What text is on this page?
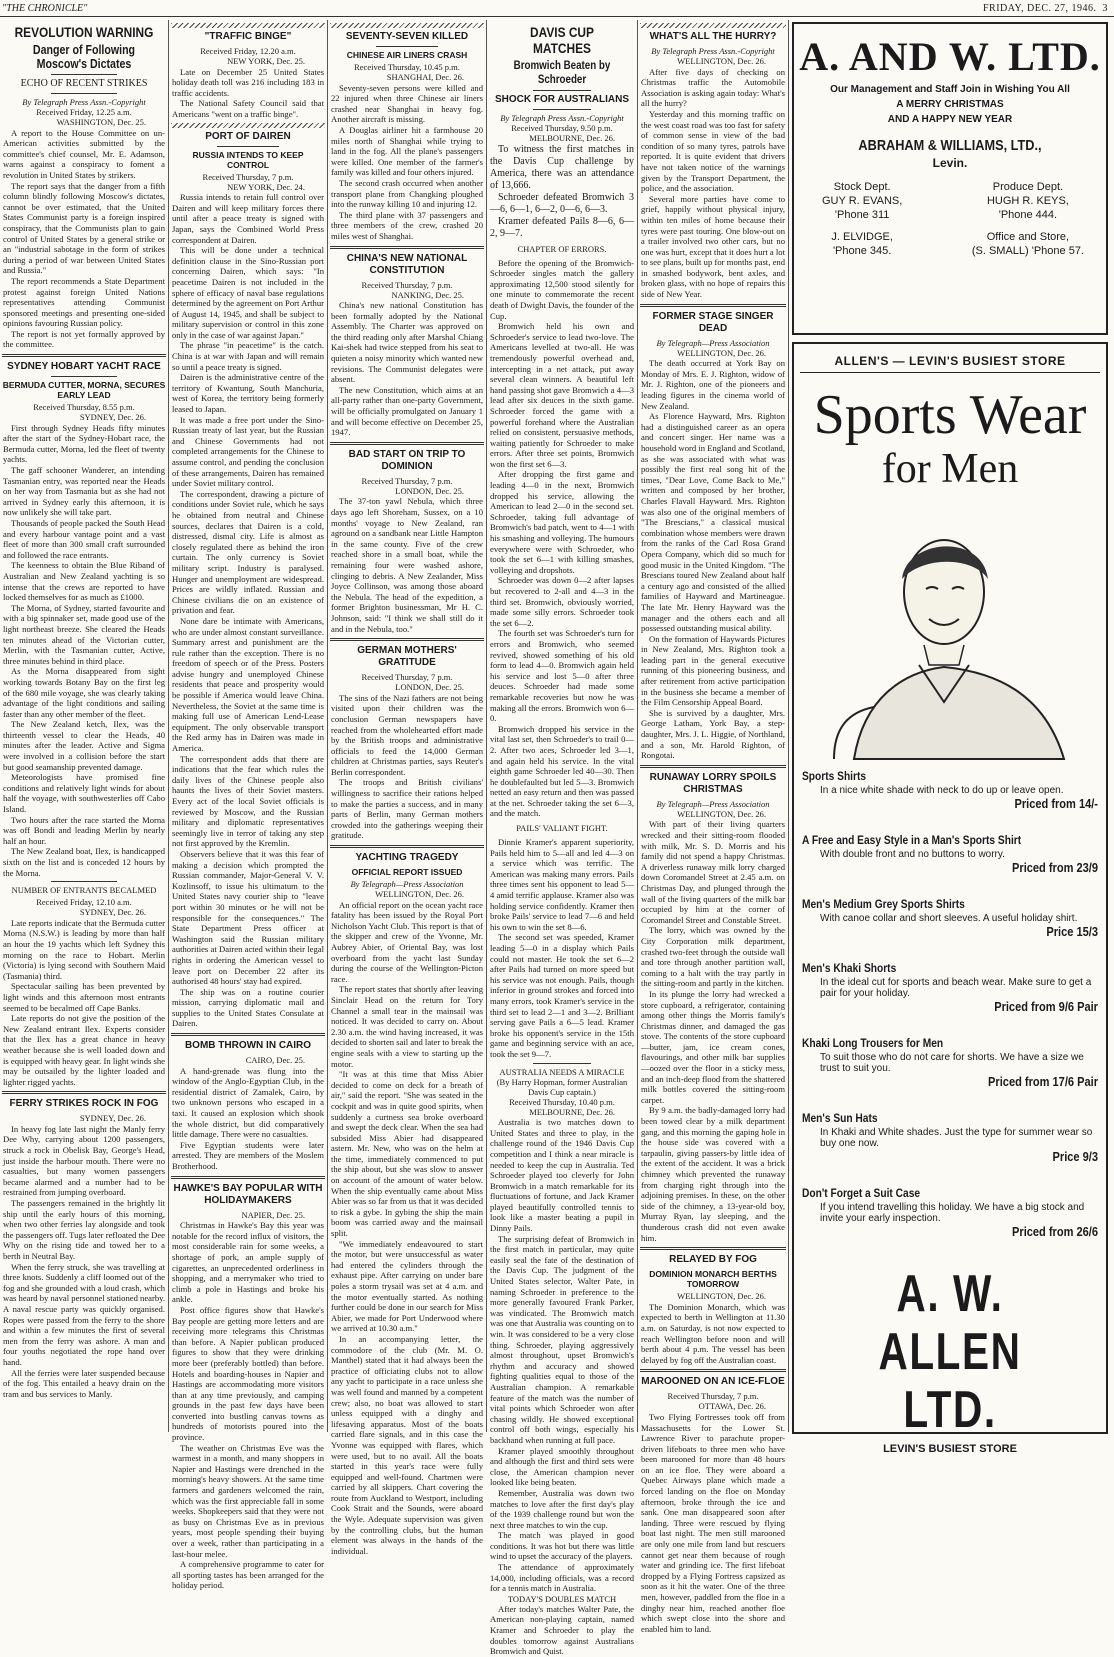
"THE CHRONICLE"	FRIDAY, DEC. 27, 1946. 3
REVOLUTION WARNING
Danger of Following Moscow's Dictates
ECHO OF RECENT STRIKES
By Telegraph Press Assn.-Copyright
Received Friday, 12.25 a.m.
WASHINGTON, Dec. 25.

A report to the House Committee on un-American activities submitted by the committee's chief counsel, Mr. E. Adamson, warns against a conspiracy to foment a revolution in United States by strikers.

The report says that the danger from a fifth column blindly following Moscow's dictates, cannot be over estimated, that the United States Communist party is a foreign inspired conspiracy, that the Communists plan to gain control of United States by a general strike or an "industrial sabotage in the form of strikes during a period of war between United States and Russia."

The report recommends a State Department protest against foreign United Nations representatives attending Communist sponsored meetings and presenting one-sided opinions favouring Russian policy.

The report is not yet formally approved by the committee.

SYDNEY HOBART YACHT RACE
BERMUDA CUTTER, MORNA, SECURES EARLY LEAD
Received Thursday, 8.55 p.m.
SYDNEY, Dec. 26.

First through Sydney Heads fifty minutes after the start of the Sydney-Hobart race, the Bermuda cutter, Morna, led the fleet of twenty yachts.

The gaff schooner Wanderer, an intending Tasmanian entry, was reported near the Heads on her way from Tasmania but as she had not arrived in Sydney early this afternoon, it is now unlikely she will take part.

Thousands of people packed the South Head and every harbour vantage point and a vast fleet of more than 300 small craft surrounded and followed the race entrants.

The keenness to obtain the Blue Riband of Australian and New Zealand yachting is so intense that the crews are reported to have locked themselves for as much as £1000.

The Morna, of Sydney, started favourite and with a big spinnaker set, made good use of the light northeast breeze. She cleared the Heads ten minutes ahead of the Victorian cutter, Merlin, with the Tasmanian cutter, Active, three minutes behind in third place.

As the Morna disappeared from sight working towards Botany Bay on the first leg of the 680 mile voyage, she was clearly taking advantage of the light conditions and sailing faster than any other member of the fleet.

The New Zealand ketch, Ilex, was the thirteenth vessel to clear the Heads, 40 minutes after the leader. Active and Sigma were involved in a collision before the start but good seamanship prevented damage.

Meteorologists have promised fine conditions and relatively light winds for about half the voyage, with southwesterlies off Cabo Island.

Two hours after the race started the Morna was off Bondi and leading Merlin by nearly half an hour.

The New Zealand boat, Ilex, is handicapped sixth on the list and is conceded 12 hours by the Morna.

NUMBER OF ENTRANTS BECALMED
Received Friday, 12.10 a.m.
SYDNEY, Dec. 26.

Late reports indicate that the Bermuda cutter Morna (N.S.W.) is leading by more than half an hour the 19 yachts which left Sydney this morning on the race to Hobart. Merlin (Victoria) is lying second with Southern Maid (Tasmania) third.

Spectacular sailing has been prevented by light winds and this afternoon most entrants seemed to be becalmed off Cape Banks.

Late reports do not give the position of the New Zealand entrant Ilex. Experts consider that the Ilex has a great chance in heavy weather because she is well loaded down and is equipped with heavy gear. In light winds she may be outsailed by the lighter loaded and lighter rigged yachts.

FERRY STRIKES ROCK IN FOG
SYDNEY, Dec. 26.

In heavy fog late last night the Manly ferry Dee Why, carrying about 1200 passengers, struck a rock in Obelisk Bay, George's Head, just inside the harbour mouth. There were no casualties, but many women passengers became alarmed and a number had to be restrained from jumping overboard.

The passengers remained in the brightly lit ship until the early hours of this morning, when two other ferries lay alongside and took the passengers off. Tugs later refloated the Dee Why on the rising tide and towed her to a berth in Neutral Bay.

When the ferry struck, she was travelling at three knots. Suddenly a cliff loomed out of the fog and she grounded with a loud crash, which was heard by naval personnel stationed nearby. A naval rescue party was quickly organised. Ropes were passed from the ferry to the shore and within a few minutes the first of several men from the ferry was ashore. A man and four youths negotiated the rope hand over hand.

All the ferries were later suspended because of the fog. This entailed a heavy drain on the tram and bus services to Manly.

"TRAFFIC BINGE"
Received Friday, 12.20 a.m.
NEW YORK, Dec. 25.

Late on December 25 United States holiday death toll was 216 including 183 in traffic accidents.

The National Safety Council said that Americans "went on a traffic binge".

PORT OF DAIREN
RUSSIA INTENDS TO KEEP CONTROL
Received Thursday, 7 p.m.
NEW YORK, Dec. 24.

Russia intends to retain full control over Dairen and will keep military forces there until after a peace treaty is signed with Japan, says the Combined World Press correspondent at Dairen.

This will be done under a technical definition clause in the Sino-Russian port concerning Dairen, which says: "In peacetime Dairen is not included in the sphere of efficacy of naval base regulations determined by the agreement on Port Arthur of August 14, 1945, and shall be subject to military supervision or control in this zone only in the case of war against Japan."

The phrase "in peacetime" is the catch. China is at war with Japan and will remain so until a peace treaty is signed.

Dairen is the administrative centre of the territory of Kwantung, South Manchuria, west of Korea, the territory being formerly leased to Japan.

It was made a free port under the Sino-Russian treaty of last year, but the Russian and Chinese Governments had not completed arrangements for the Chinese to assume control, and pending the conclusion of these arrangements, Dairen has remained under Soviet military control.

The correspondent, drawing a picture of conditions under Soviet rule, which he says he obtained from neutral and Chinese sources, declares that Dairen is a cold, distressed, dismal city. Life is almost as closely regulated there as behind the iron curtain. The only currency is Soviet military script. Industry is paralysed. Hunger and unemployment are widespread. Prices are wildly inflated. Russian and Chinese civilians die on an existence of privation and fear.

None dare be intimate with Americans, who are under almost constant surveillance. Summary arrest and punishment are the rule rather than the exception. There is no freedom of speech or of the Press. Posters advise hungry and unemployed Chinese residents that peace and prosperity would be possible if America would leave China. Nevertheless, the Soviet at the same time is making full use of American Lend-Lease equipment. The only observable transport the Red army has in Dairen was made in America.

The correspondent adds that there are indications that the fear which rules the daily lives of the Chinese people also haunts the lives of their Soviet masters. Every act of the local Soviet officials is reviewed by Moscow, and the Russian military and diplomatic representatives seemingly live in terror of taking any step not first approved by the Kremlin.

Observers believe that it was this fear of making a decision which prompted the Russian commander, Major-General V. V. Kozlinsoff, to issue his ultimatum to the United States navy courier ship to "leave port within 30 minutes or he will not be responsible for the consequences." The State Department Press officer at Washington said the Russian military authorities at Dairen acted within their legal rights in ordering the American vessel to leave port on December 22 after its authorised 48 hours' stay had expired.

The ship was on a routine courier mission, carrying diplomatic mail and supplies to the United States Consulate at Dairen.

BOMB THROWN IN CAIRO
CAIRO, Dec. 25.

A hand-grenade was flung into the window of the Anglo-Egyptian Club, in the residential district of Zamalek, Cairo, by two unknown persons who escaped in a taxi. It caused an explosion which shook the whole district, but did comparatively little damage. There were no casualties.

Five Egyptian students were later arrested. They are members of the Moslem Brotherhood.

HAWKE'S BAY POPULAR WITH HOLIDAYMAKERS
NAPIER, Dec. 25.

Christmas in Hawke's Bay this year was notable for the record influx of visitors, the most considerable rain for some weeks, a shortage of pork, an ample supply of cigarettes, an unprecedented orderliness in shopping, and a merrymaker who tried to climb a pole in Hastings and broke his ankle.

Post office figures show that Hawke's Bay people are getting more letters and are receiving more telegrams this Christmas than before. A Napier publican produced figures to show that they were drinking more beer (preferably bottled) than before. Hotels and boarding-houses in Napier and Hastings are accommodating more visitors than at any time previously, and camping grounds in the past few days have been converted into bustling canvas towns as hundreds of motorists poured into the province.

The weather on Christmas Eve was the warmest in a month, and many shoppers in Napier and Hastings were drenched in the morning's heavy showers. At the same time farmers and gardeners welcomed the rain, which was the first appreciable fall in some weeks. Shopkeepers said that they were not as busy on Christmas Eve as in previous years, most people spending their buying over a week, rather than participating in a last-hour melee.

A comprehensive programme to cater for all sporting tastes has been arranged for the holiday period.

SEVENTY-SEVEN KILLED
CHINESE AIR LINERS CRASH
Received Thursday, 10.45 p.m.
SHANGHAI, Dec. 26.

Seventy-seven persons were killed and 22 injured when three Chinese air liners crashed near Shanghai in heavy fog. Another aircraft is missing.

A Douglas airliner hit a farmhouse 20 miles north of Shanghai while trying to land in the fog. All the plane's passengers were killed. One member of the farmer's family was killed and four others injured.

The second crash occurred when another transport plane from Changking ploughed into the runway killing 10 and injuring 12.

The third plane with 37 passengers and three members of the crew, crashed 20 miles west of Shanghai.

CHINA'S NEW NATIONAL CONSTITUTION
Received Thursday, 7 p.m.
NANKING, Dec. 25.

China's new national Constitution has been formally adopted by the National Assembly. The Charter was approved on the third reading only after Marshal Chiang Kai-shek had twice stepped from his seat to quieten a noisy minority which wanted new revisions. The Communist delegates were absent.

The new Constitution, which aims at an all-party rather than one-party Government, will be officially promulgated on January 1 and will become effective on December 25, 1947.

BAD START ON TRIP TO DOMINION
Received Thursday, 7 p.m.
LONDON, Dec. 25.

The 37-ton yawl Nebula, which three days ago left Shoreham, Sussex, on a 10 months' voyage to New Zealand, ran aground on a sandbank near Little Hampton in the same county. Five of the crew reached shore in a small boat, while the remaining four were washed ashore, clinging to debris. A New Zealander, Miss Joyce Collinson, was among those aboard the Nebula. The head of the expedition, a former Brighton businessman, Mr H. C. Johnson, said: "I think we shall still do it and in the Nebula, too."

GERMAN MOTHERS' GRATITUDE
Received Thursday, 7 p.m.
LONDON, Dec. 25.

The sins of the Nazi fathers are not being visited upon their children was the conclusion German newspapers have reached from the wholehearted effort made by the British troops and administrative officials to feed the 14,000 German children at Christmas parties, says Reuter's Berlin correspondent.

The troops and British civilians' willingness to sacrifice their rations helped to make the parties a success, and in many parts of Berlin, many German mothers crowded into the gatherings weeping their gratitude.

YACHTING TRAGEDY
OFFICIAL REPORT ISSUED
By Telegraph—Press Association
WELLINGTON, Dec. 26.

An official report on the ocean yacht race fatality has been issued by the Royal Port Nicholson Yacht Club. This report is that of the skipper and crew of the Yvonne, Mr. Aubrey Abier, of Oriental Bay, was lost overboard from the yacht last Sunday during the course of the Wellington-Picton race.

The report states that shortly after leaving Sinclair Head on the return for Tory Channel a small tear in the mainsail was noticed. It was decided to carry on. About 2.30 a.m. the wind having increased, it was decided to shorten sail and later to break the engine seals with a view to starting up the motor.

"It was at this time that Miss Abier decided to come on deck for a breath of air," said the report. "She was seated in the cockpit and was in quite good spirits, when suddenly a curtness sea broke overboard and swept the deck clear. When the sea had subsided Miss Abier had disappeared astern. Mr. New, who was on the helm at the time, immediately commenced to put the ship about, but she was slow to answer on account of the amount of water below. When the ship eventually came about Miss Abier was so far from us that it was decided to risk a gybe. In gybing the ship the main boom was carried away and the mainsail split.

"We immediately endeavoured to start the motor, but were unsuccessful as water had entered the cylinders through the exhaust pipe. After carrying on under bare poles a storm trysail was set at 4 a.m. and the motor eventually started. As nothing further could be done in our search for Miss Abier, we made for Port Underwood where we arrived at 10.30 a.m."

In an accompanying letter, the commodore of the club (Mr. M. O. Manthel) stated that it had always been the practice of officiating clubs not to allow any yacht to participate in a race unless she was well found and manned by a competent crew; also, no boat was allowed to start unless equipped with a dinghy and lifesaving apparatus. Most of the boats carried flare signals, and in this case the Yvonne was equipped with flares, which were used, but to no avail. All the boats started in this year's race were fully equipped and well-found. Chartmen were carried by all skippers. Chart covering the route from Auckland to Westport, including Cook Strait and the Sounds, were aboard the Wyle. Adequate supervision was given by the controlling clubs, but the human element was always in the hands of the individual.

DAVIS CUP MATCHES
Bromwich Beaten by Schroeder
SHOCK FOR AUSTRALIANS
By Telegraph Press Assn.-Copyright
Received Thursday, 9.50 p.m.
MELBOURNE, Dec. 26.

To witness the first matches in the Davis Cup challenge by America, there was an attendance of 13,666.

Schroeder defeated Bromwich 3—6, 6—1, 6—2, 0—6, 6—3.

Kramer defeated Pails 8—6, 6—2, 9—7.

CHAPTER OF ERRORS.

Before the opening of the Bromwich-Schroeder singles match the gallery approximating 12,500 stood silently for one minute to commemorate the recent death of Dwight Davis, the founder of the Cup.

Bromwich held his own and Schroeder's service to lead two-love. The Americans levelled at two-all. He was tremendously powerful overhead and, intercepting in a net attack, put away several clean winners. A beautiful left hand passing shot gave Bromwich a 4—3 lead after six deuces in the sixth game. Schroeder forced the game with a powerful forehand where the Australian relied on consistent, persuasive methods, waiting patiently for Schroeder to make errors. After three set points, Bromwich won the first set 6—3.

After dropping the first game and leading 4—0 in the next, Bromwich dropped his service, allowing the American to lead 2—0 in the second set. Schroeder, taking full advantage of Bromwich's bad patch, went to 4—1 with his smashing and volleying. The humours everywhere were with Schroeder, who took the set 6—1 with killing smashes, volleying and dropshots.

Schroeder was down 0—2 after lapses but recovered to 2-all and 4—3 in the third set. Bromwich, obviously worried, made some silly errors. Schroeder took the set 6—2.

The fourth set was Schroeder's turn for errors and Bromwich, who seemed revived, showed something of his old form to lead 4—0. Bromwich again held his service and lost 5—0 after three deuces. Schroeder had made some remarkable recoveries but now he was making all the errors. Bromwich won 6—0.

Bromwich dropped his service in the vital last set, then Schroeder's to trail 0—2. After two aces, Schroeder led 3—1, and again held his service. In the vital eighth game Schroeder led 40—30. Then he doublefaulted but led 5—3. Bromwich netted an easy return and then was passed at the net. Schroeder taking the set 6—3, and the match.

PAILS' VALIANT FIGHT.

Dinnie Kramer's apparent superiority, Pails held him to 5—all and led 4—3 on a service which was terrific. The American was making many errors. Pails three times sent his opponent to lead 5—4 amid terrific applause. Kramer also was holding service confidently. Kramer then broke Pails' service to lead 7—6 and held his own to win the set 8—6.

The second set was speeded, Kramer leading 5—0 in a display which Pails could not master. He took the set 6—2 after Pails had turned on more speed but his service was not enough. Pails, though inferior in ground strokes and forced into many errors, took Kramer's service in the third set to lead 2—1 and 3—2. Brilliant serving gave Pails a 6—5 lead. Kramer broke his opponent's service in the 15th game and beginning service with an ace, took the set 9—7.

AUSTRALIA NEEDS A MIRACLE
(By Harry Hopman, former Australian Davis Cup captain.)
Received Thursday, 10.40 p.m.
MELBOURNE, Dec. 26.

Australia is two matches down to United States and three to play, in the challenge round of the 1946 Davis Cup competition and I think a near miracle is needed to keep the cup in Australia. Ted Schroeder played too cleverly for John Bromwich in a match remarkable for its fluctuations of fortune, and Jack Kramer played beautifully controlled tennis to look like a master beating a pupil in Dinny Pails.

The surprising defeat of Bromwich in the first match in particular, may quite easily seal the fate of the destination of the Davis Cup. The judgment of the United States selector, Walter Pate, in naming Schroeder in preference to the more generally favoured Frank Parker, was vindicated. The Bromwich match was one that Australia was counting on to win. It was considered to be a very close thing. Schroeder, playing aggressively almost throughout, upset Bromwich's rhythm and accuracy and showed fighting qualities equal to those of the Australian champion. A remarkable feature of the match was the number of vital points which Schroeder won after chasing wildly. He showed exceptional control off both wings, especially his backhand when running at full pace.

Kramer played smoothly throughout and although the first and third sets were close, the American champion never looked like being beaten.

Remember, Australia was down two matches to love after the first day's play of the 1939 challenge round but won the next three matches to win the cup.

The match was played in good conditions. It was hot but there was little wind to upset the accuracy of the players.

The attendance of approximately 14,000, including officials, was a record for a tennis match in Australia.

TODAY'S DOUBLES MATCH

After today's matches Walter Pate, the American non-playing captain, named Kramer and Schroeder to play the doubles tomorrow against Australians Bromwich and Quist.

WHAT'S ALL THE HURRY?
By Telegraph Press Assn.-Copyright
WELLINGTON, Dec. 26.

After five days of checking on Christmas traffic the Automobile Association is asking again today: What's all the hurry?

Yesterday and this morning traffic on the west coast road was too fast for safety of common sense in view of the bad condition of so many tyres, patrols have reported. It is quite evident that drivers have not taken notice of the warnings given by the Transport Department, the police, and the association.

Several more parties have come to grief, happily without physical injury, within ten miles of home because their tyres were past touring. One blow-out on a trailer involved two other cars, but no one was hurt, except that it does hurt a lot to see plans, built up for months past, end in smashed bodywork, bent axles, and broken glass, with no hope of repairs this side of New Year.

FORMER STAGE SINGER DEAD
By Telegraph—Press Association
WELLINGTON, Dec. 26.

The death occurred at York Bay on Monday of Mrs. E. J. Righton, widow of Mr. J. Righton, one of the pioneers and leading figures in the cinema world of New Zealand.

As Florence Hayward, Mrs. Righton had a distinguished career as an opera and concert singer. Her name was a household word in England and Scotland, as she was associated with what was possibly the first real song hit of the times, "Dear Love, Come Back to Me," written and composed by her brother, Charles Flavall Hayward. Mrs. Righton was also one of the original members of "The Brescians," a classical musical combination whose members were drawn from the ranks of the Carl Rosa Grand Opera Company, which did so much for good music in the United Kingdom. "The Brescians toured New Zealand about half a century ago and consisted of the allied families of Hayward and Martineague. The late Mr. Henry Hayward was the manager and the others each and all possessed outstanding musical ability.

On the formation of Haywards Pictures in New Zealand, Mrs. Righton took a leading part in the general executive running of this pioneering business, and after retirement from active participation in the business she became a member of the Film Censorship Appeal Board.

She is survived by a daughter, Mrs. George Latham, York Bay, a step-daughter, Mrs. J. L. Higgie, of Northland, and a son, Mr. Harold Righton, of Rongotai.

RUNAWAY LORRY SPOILS CHRISTMAS
By Telegraph—Press Association
WELLINGTON, Dec. 26.

With part of their living quarters wrecked and their sitting-room flooded with milk, Mr. S. D. Morris and his family did not spend a happy Christmas. A driverless runaway milk lorry charged down Coromandel Street at 2.45 a.m. on Christmas Day, and plunged through the wall of the living quarters of the milk bar occupied by him at the corner of Coromandel Street and Constable Street.

The lorry, which was owned by the City Corporation milk department, crashed two-feet through the outside wall and tore through another partition wall, coming to a halt with the tray partly in the sitting-room and partly in the kitchen.

In its plunge the lorry had wrecked a store cupboard, a refrigerator, containing among other things the Morris family's Christmas dinner, and damaged the gas stove. The contents of the store cupboard—butter, jam, ice cream cones, flavourings, and other milk bar supplies—oozed over the floor in a sticky mess, and an inch-deep flood from the shattered milk bottles covered the sitting-room carpet.

By 9 a.m. the badly-damaged lorry had been towed clear by a milk department gang, and this morning the gaping hole in the house side was covered with a tarpaulin, giving passers-by little idea of the extent of the accident. It was a brick chimney which prevented the runaway from charging right through into the adjoining premises. In these, on the other side of the chimney, a 13-year-old boy, Murray Ryan, lay sleeping, and the thunderous crash did not even awake him.

RELAYED BY FOG
DOMINION MONARCH BERTHS TOMORROW
WELLINGTON, Dec. 26.

The Dominion Monarch, which was expected to berth in Wellington at 11.30 a.m. on Saturday, is not now expected to reach Wellington before noon and will berth about 4 p.m. The vessel has been delayed by fog off the Australian coast.

MAROONED ON AN ICE-FLOE
Received Thursday, 7 p.m.
OTTAWA, Dec. 26.

Two Flying Fortresses took off from Massachusetts for the Lower St. Lawrence River to parachute proper-driven lifeboats to three men who have been marooned for more than 48 hours on an ice floe. They were aboard a Quebec Airways plane which made a forced landing on the floe on Monday afternoon, broke through the ice and sank. One man disappeared soon after landing. Three were rescued by flying boat last night. The men still marooned are only one mile from land but rescuers cannot get near them because of rough water and grinding ice. The first lifeboat dropped by a Flying Fortress capsized as soon as it hit the water. One of the three men, however, paddled from the floe in a dinghy near him, reached another floe which swept close into the shore and enabled him to land.

A. AND W. LTD.
Our Management and Staff Join in Wishing You All
A MERRY CHRISTMAS
AND A HAPPY NEW YEAR
ABRAHAM & WILLIAMS, LTD.,
Levin.
Stock Dept.
GUY R. EVANS,
'Phone 311
J. ELVIDGE,
'Phone 345.
Produce Dept.
HUGH R. KEYS,
'Phone 444.
Office and Store,
(S. SMALL) 'Phone 57.
ALLEN'S — LEVIN'S BUSIEST STORE
Sports Wear
for Men
Sports Shirts
In a nice white shade with neck to do up or leave open.
Priced from 14/-
A Free and Easy Style in a Man's Sports Shirt
With double front and no buttons to worry.
Priced from 23/9
Men's Medium Grey Sports Shirts
With canoe collar and short sleeves. A useful holiday shirt.
Price 15/3
Men's Khaki Shorts
In the ideal cut for sports and beach wear. Make sure to get a pair for your holiday.
Priced from 9/6 Pair
Khaki Long Trousers for Men
To suit those who do not care for shorts. We have a size we trust to suit you.
Priced from 17/6 Pair
Men's Sun Hats
In Khaki and White shades. Just the type for summer wear so buy one now.
Price 9/3
Don't Forget a Suit Case
If you intend travelling this holiday. We have a big stock and invite your early inspection.
Priced from 26/6
A. W. ALLEN LTD.
LEVIN'S BUSIEST STORE
